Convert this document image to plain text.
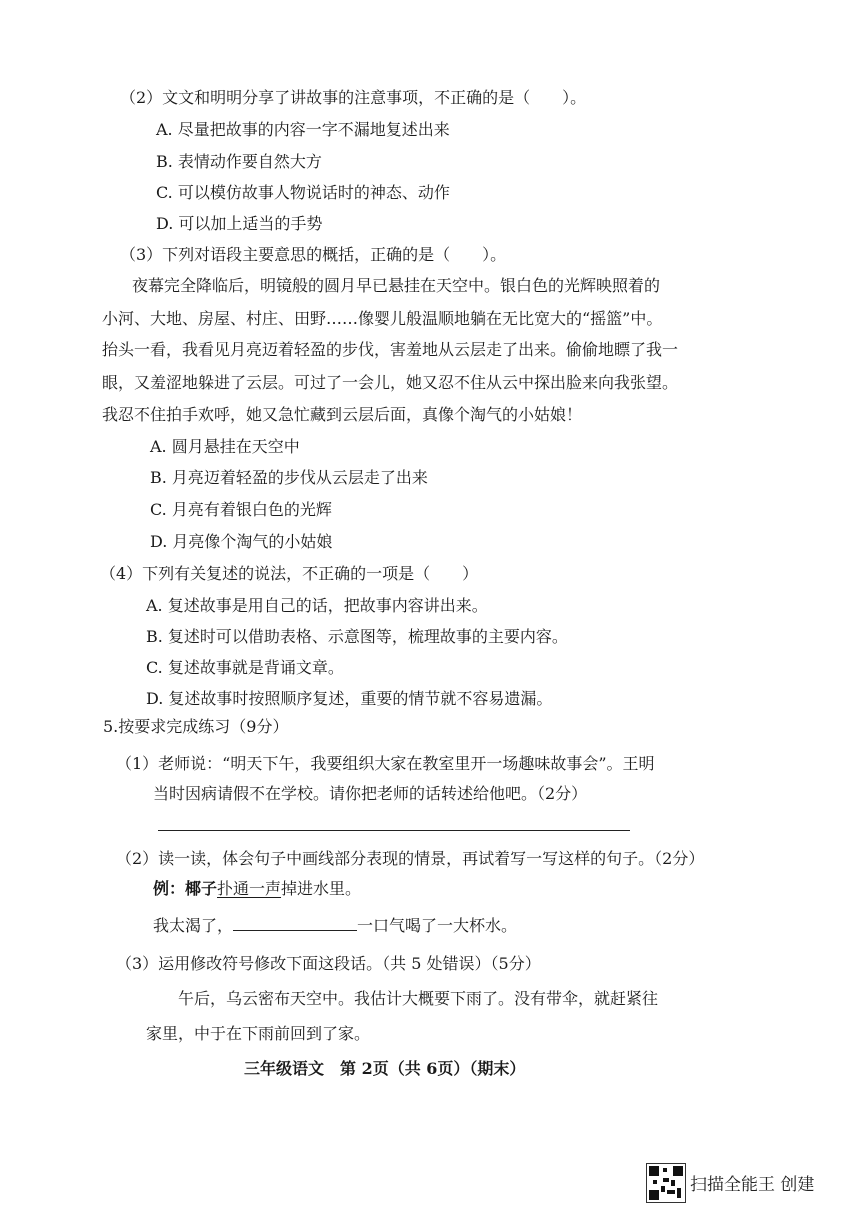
（2）文文和明明分享了讲故事的注意事项，不正确的是（　　）。
A. 尽量把故事的内容一字不漏地复述出来
B. 表情动作要自然大方
C. 可以模仿故事人物说话时的神态、动作
D. 可以加上适当的手势
（3）下列对语段主要意思的概括，正确的是（　　）。
夜幕完全降临后，明镜般的圆月早已悬挂在天空中。银白色的光辉映照着的
小河、大地、房屋、村庄、田野……像婴儿般温顺地躺在无比宽大的“摇篮”中。
抬头一看，我看见月亮迈着轻盈的步伐，害羞地从云层走了出来。偷偷地瞟了我一
眼，又羞涩地躲进了云层。可过了一会儿，她又忍不住从云中探出脸来向我张望。
我忍不住拍手欢呼，她又急忙藏到云层后面，真像个淘气的小姑娘！
A. 圆月悬挂在天空中
B. 月亮迈着轻盈的步伐从云层走了出来
C. 月亮有着银白色的光辉
D. 月亮像个淘气的小姑娘
（4）下列有关复述的说法，不正确的一项是（　　）
A. 复述故事是用自己的话，把故事内容讲出来。
B. 复述时可以借助表格、示意图等，梳理故事的主要内容。
C. 复述故事就是背诵文章。
D. 复述故事时按照顺序复述，重要的情节就不容易遗漏。
5.按要求完成练习（9分）
（1）老师说：“明天下午，我要组织大家在教室里开一场趣味故事会”。王明
当时因病请假不在学校。请你把老师的话转述给他吧。（2分）
（2）读一读，体会句子中画线部分表现的情景，再试着写一写这样的句子。（2分）
例：椰子扑通一声掉进水里。
我太渴了，	一口气喝了一大杯水。
（3）运用修改符号修改下面这段话。（共 5 处错误）（5分）
午后，乌云密布天空中。我估计大概要下雨了。没有带伞，就赶紧往
家里，中于在下雨前回到了家。
三年级语文　第 2页（共 6页）（期末）
扫描全能王 创建
